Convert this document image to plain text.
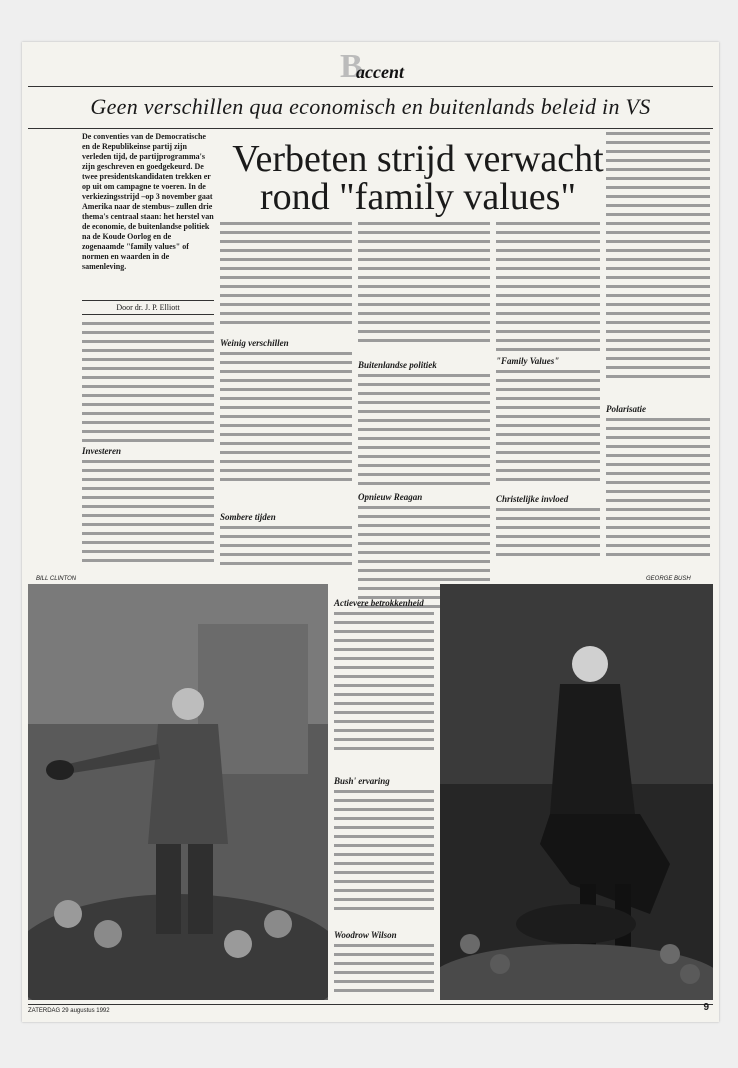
B
accent
Geen verschillen qua economisch en buitenlands beleid in VS
De conventies van de Democratische en de Republikeinse partij zijn verleden tijd, de partijprogramma's zijn geschreven en goedgekeurd. De twee presidentskandidaten trekken er op uit om campagne te voeren. In de verkiezingsstrijd –op 3 november gaat Amerika naar de stembus– zullen drie thema's centraal staan: het herstel van de economie, de buitenlandse politiek na de Koude Oorlog en de zogenaamde "family values" of normen en waarden in de samenleving.
Door dr. J. P. Elliott
Verbeten strijd verwacht rond "family values"
Investeren
Weinig verschillen
Sombere tijden
Buitenlandse politiek
Opnieuw Reagan
"Family Values"
Christelijke invloed
Polarisatie
BILL CLINTON	GEORGE BUSH
Actievere betrokkenheid
Bush' ervaring
Woodrow Wilson
ZATERDAG 29 augustus 1992	9
